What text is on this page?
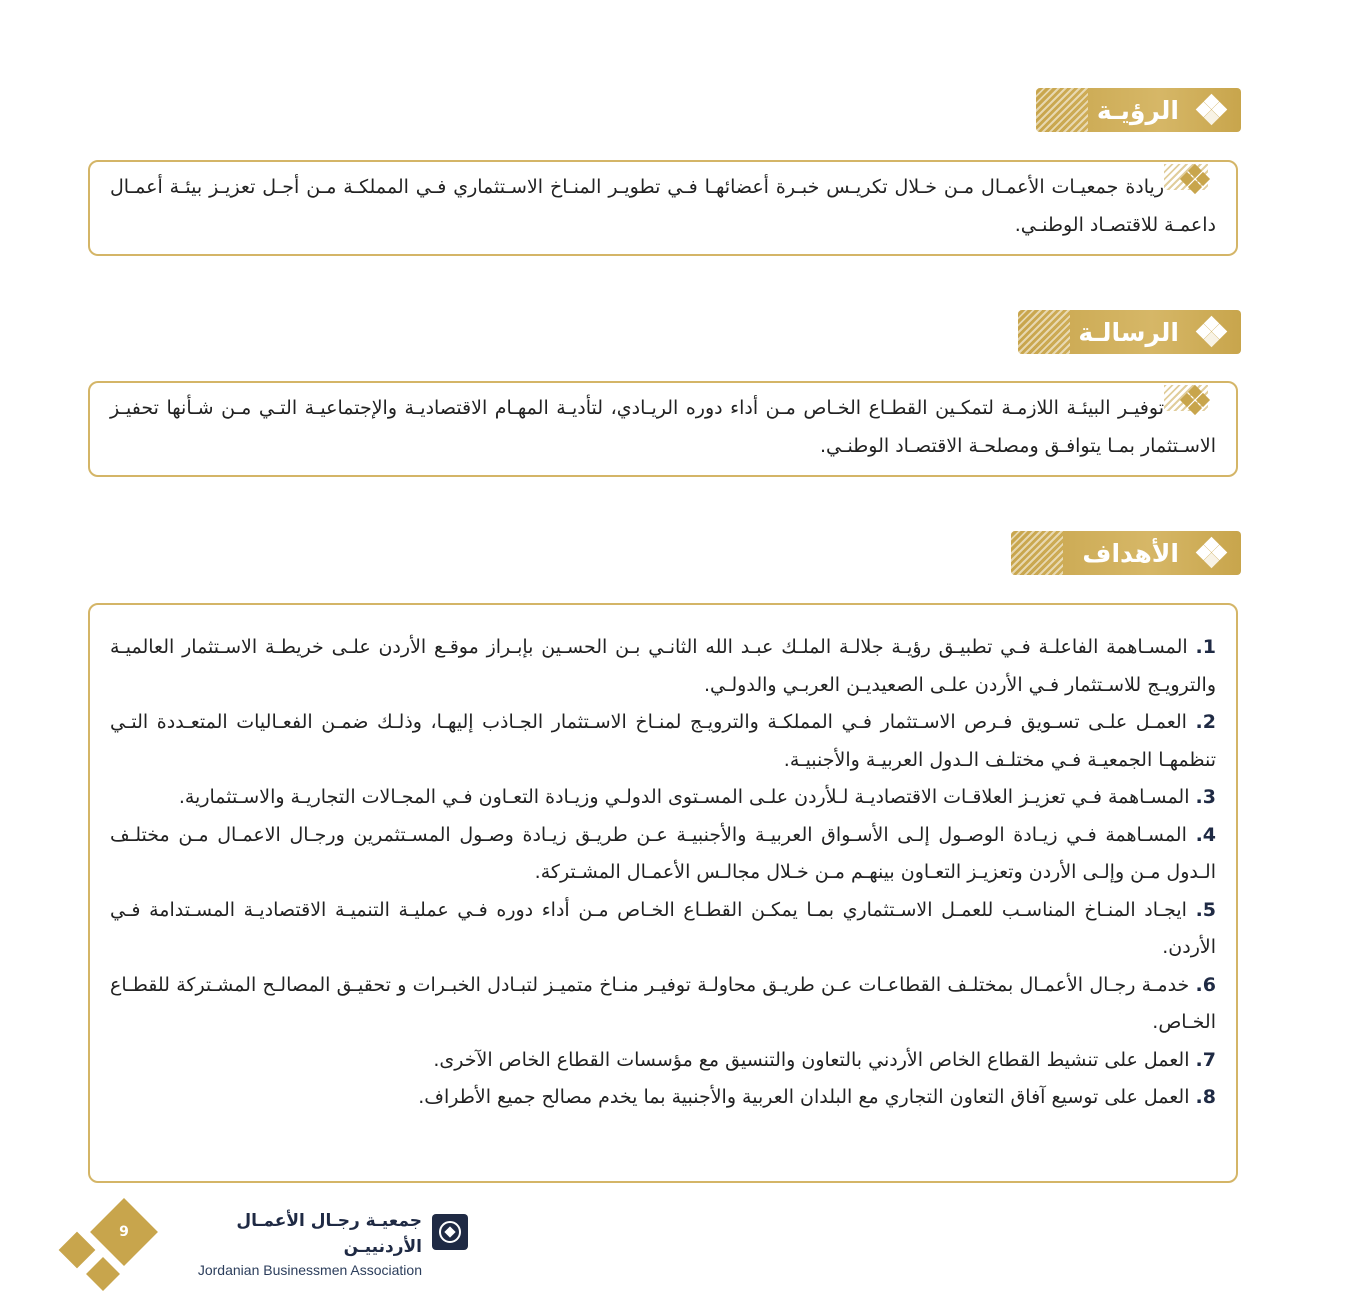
الرؤيـة

ريادة جمعيـات الأعمـال مـن خـلال تكريـس خبـرة أعضائهـا فـي تطويـر المنـاخ الاسـتثماري فـي المملكـة مـن أجـل تعزيـز بيئـة أعمـال داعمـة للاقتصـاد الوطنـي.

الرسالـة

توفيـر البيئـة اللازمـة لتمكـين القطـاع الخـاص مـن أداء دوره الريـادي، لتأديـة المهـام الاقتصاديـة والإجتماعيـة التـي مـن شـأنها تحفيـز الاسـتثمار بمـا يتوافـق ومصلحـة الاقتصـاد الوطنـي.

الأهداف
1. المسـاهمة الفاعلـة فـي تطبيـق رؤيـة جلالـة الملـك عبـد الله الثانـي بـن الحسـين بإبـراز موقـع الأردن علـى خريطـة الاسـتثمار العالميـة والترويـج للاسـتثمار فـي الأردن علـى الصعيديـن العربـي والدولـي.
2. العمـل علـى تسـويق فـرص الاسـتثمار فـي المملكـة والترويـج لمنـاخ الاسـتثمار الجـاذب إليهـا، وذلـك ضمـن الفعـاليات المتعـددة التـي تنظمهـا الجمعيـة فـي مختلـف الـدول العربيـة والأجنبيـة.
3. المسـاهمة فـي تعزيـز العلاقـات الاقتصاديـة لـلأردن علـى المسـتوى الدولـي وزيـادة التعـاون فـي المجـالات التجاريـة والاسـتثمارية.
4. المسـاهمة فـي زيـادة الوصـول إلـى الأسـواق العربيـة والأجنبيـة عـن طريـق زيـادة وصـول المسـتثمرين ورجـال الاعمـال مـن مختلـف الـدول مـن وإلـى الأردن وتعزيـز التعـاون بينهـم مـن خـلال مجالـس الأعمـال المشـتركة.
5. ايجـاد المنـاخ المناسـب للعمـل الاسـتثماري بمـا يمكـن القطـاع الخـاص مـن أداء دوره فـي عمليـة التنميـة الاقتصاديـة المسـتدامة فـي الأردن.
6. خدمـة رجـال الأعمـال بمختلـف القطاعـات عـن طريـق محاولـة توفيـر منـاخ متميـز لتبـادل الخبـرات و تحقيـق المصالـح المشـتركة للقطـاع الخـاص.
7. العمل على تنشيط القطاع الخاص الأردني بالتعاون والتنسيق مع مؤسسات القطاع الخاص الآخرى.
8. العمل على توسيع آفاق التعاون التجاري مع البلدان العربية والأجنبية بما يخدم مصالح جميع الأطراف.
9
جمعيـة رجـال الأعمـال الأردنييـن
Jordanian Businessmen Association
